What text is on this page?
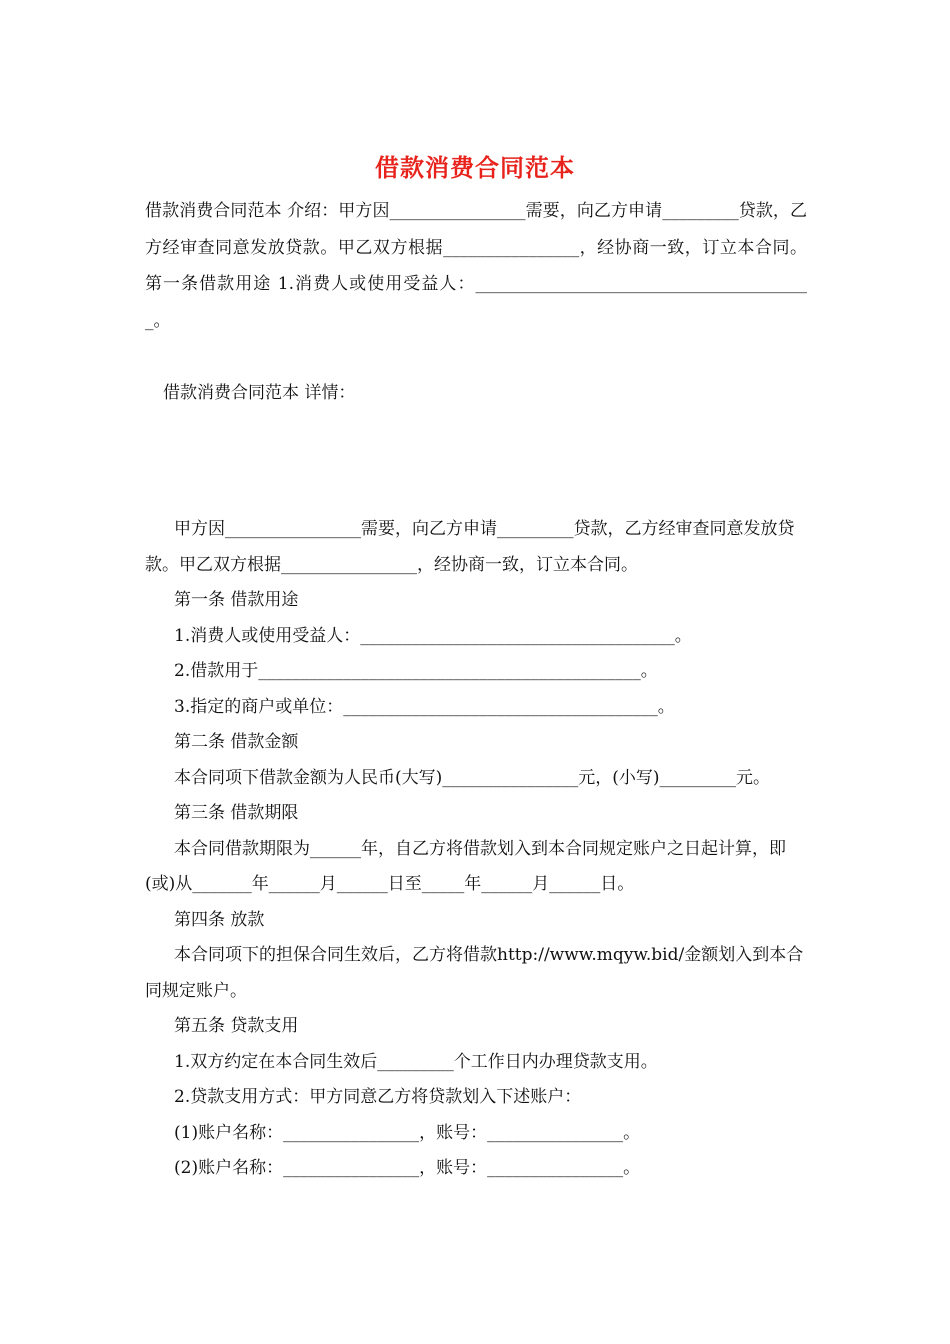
借款消费合同范本
借款消费合同范本 介绍：甲方因________________需要，向乙方申请_________贷款，乙方经审查同意发放贷款。甲乙双方根据________________，经协商一致，订立本合同。 第一条借款用途 1.消费人或使用受益人：________________________________________。
借款消费合同范本 详情：

甲方因________________需要，向乙方申请_________贷款，乙方经审查同意发放贷款。甲乙双方根据________________，经协商一致，订立本合同。

第一条 借款用途

1.消费人或使用受益人：_____________________________________。

2.借款用于_____________________________________________。

3.指定的商户或单位：_____________________________________。

第二条 借款金额

本合同项下借款金额为人民币(大写)________________元，(小写)_________元。

第三条 借款期限

本合同借款期限为______年，自乙方将借款划入到本合同规定账户之日起计算，即(或)从_______年______月______日至_____年______月______日。

第四条 放款

本合同项下的担保合同生效后，乙方将借款http://www.mqyw.bid/金额划入到本合同规定账户。

第五条 贷款支用

1.双方约定在本合同生效后_________个工作日内办理贷款支用。

2.贷款支用方式：甲方同意乙方将贷款划入下述账户：

(1)账户名称：________________，账号：________________。

(2)账户名称：________________，账号：________________。
